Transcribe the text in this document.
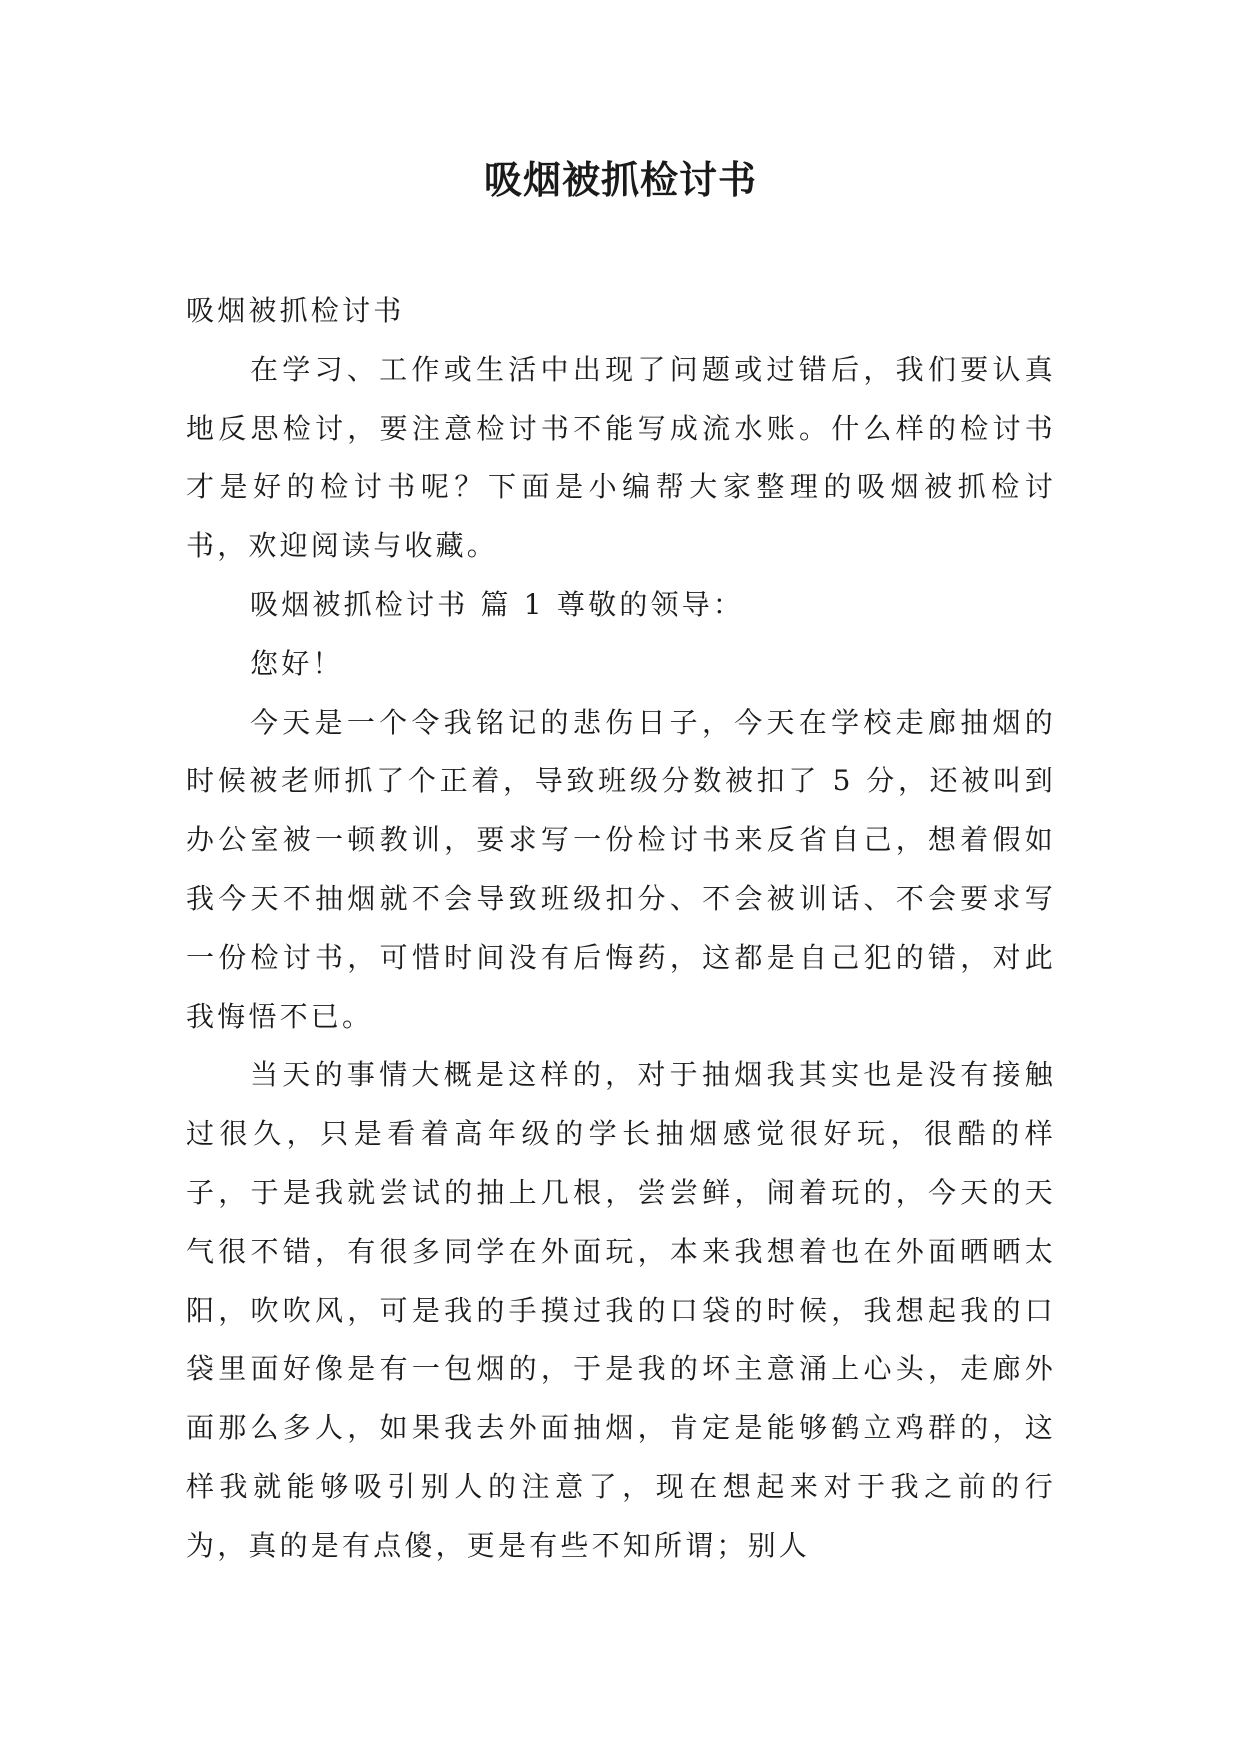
吸烟被抓检讨书

吸烟被抓检讨书

在学习、工作或生活中出现了问题或过错后，我们要认真地反思检讨，要注意检讨书不能写成流水账。什么样的检讨书才是好的检讨书呢？下面是小编帮大家整理的吸烟被抓检讨书，欢迎阅读与收藏。

吸烟被抓检讨书 篇 1 尊敬的领导：

您好！

今天是一个令我铭记的悲伤日子，今天在学校走廊抽烟的时候被老师抓了个正着，导致班级分数被扣了 5 分，还被叫到办公室被一顿教训，要求写一份检讨书来反省自己，想着假如我今天不抽烟就不会导致班级扣分、不会被训话、不会要求写一份检讨书，可惜时间没有后悔药，这都是自己犯的错，对此我悔悟不已。

当天的事情大概是这样的，对于抽烟我其实也是没有接触过很久，只是看着高年级的学长抽烟感觉很好玩，很酷的样子，于是我就尝试的抽上几根，尝尝鲜，闹着玩的，今天的天气很不错，有很多同学在外面玩，本来我想着也在外面晒晒太阳，吹吹风，可是我的手摸过我的口袋的时候，我想起我的口袋里面好像是有一包烟的，于是我的坏主意涌上心头，走廊外面那么多人，如果我去外面抽烟，肯定是能够鹤立鸡群的，这样我就能够吸引别人的注意了，现在想起来对于我之前的行为，真的是有点傻，更是有些不知所谓；别人
